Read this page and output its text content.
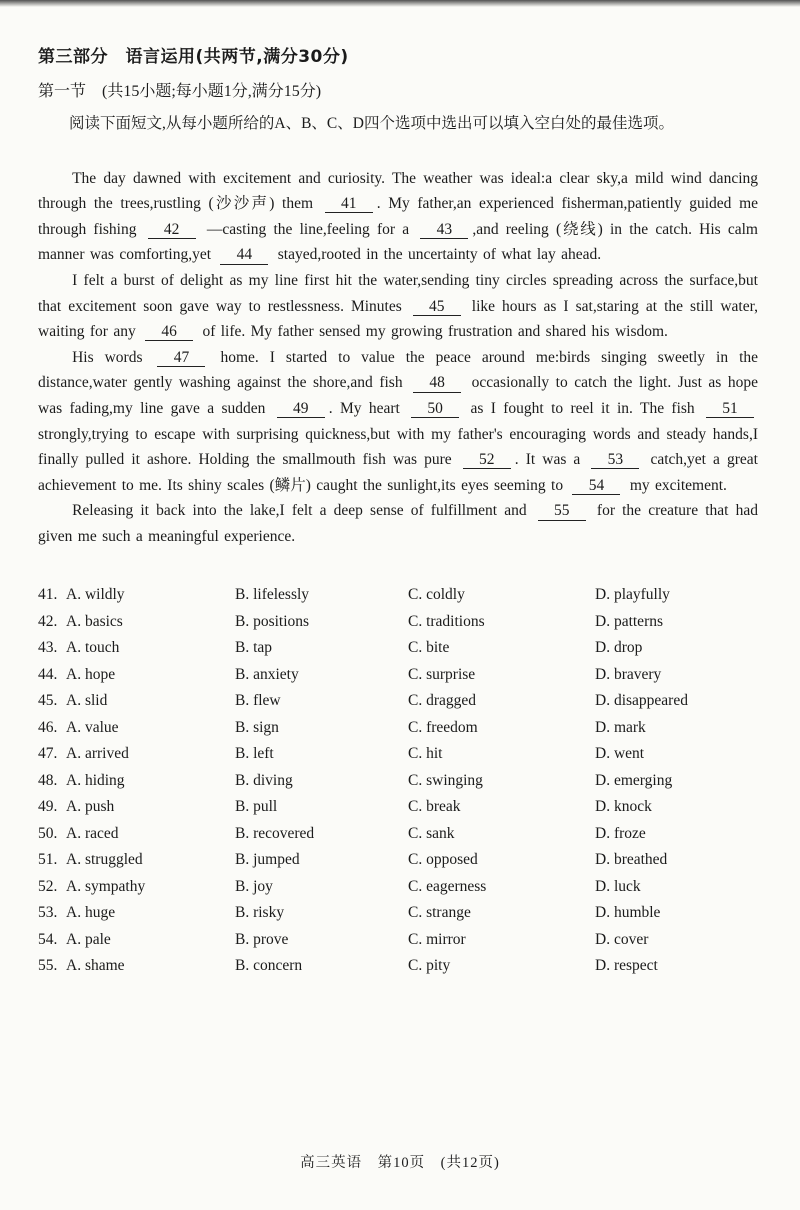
第三部分　语言运用(共两节,满分30分)
第一节　(共15小题;每小题1分,满分15分)
阅读下面短文,从每小题所给的A、B、C、D四个选项中选出可以填入空白处的最佳选项。

The day dawned with excitement and curiosity. The weather was ideal:a clear sky,a mild wind dancing through the trees,rustling (沙沙声) them 41 . My father,an experienced fisherman,patiently guided me through fishing 42 —casting the line,feeling for a 43 ,and reeling (绕线) in the catch. His calm manner was comforting,yet 44 stayed,rooted in the uncertainty of what lay ahead.

I felt a burst of delight as my line first hit the water,sending tiny circles spreading across the surface,but that excitement soon gave way to restlessness. Minutes 45 like hours as I sat,staring at the still water, waiting for any 46 of life. My father sensed my growing frustration and shared his wisdom.

His words 47 home. I started to value the peace around me:birds singing sweetly in the distance,water gently washing against the shore,and fish 48 occasionally to catch the light. Just as hope was fading,my line gave a sudden 49 . My heart 50 as I fought to reel it in. The fish 51 strongly,trying to escape with surprising quickness,but with my father's encouraging words and steady hands,I finally pulled it ashore. Holding the smallmouth fish was pure 52 . It was a 53 catch,yet a great achievement to me. Its shiny scales (鳞片) caught the sunlight,its eyes seeming to 54 my excitement.

Releasing it back into the lake,I felt a deep sense of fulfillment and 55 for the creature that had given me such a meaningful experience.

41. A. wildly	B. lifelessly	C. coldly	D. playfully
42. A. basics	B. positions	C. traditions	D. patterns
43. A. touch	B. tap	C. bite	D. drop
44. A. hope	B. anxiety	C. surprise	D. bravery
45. A. slid	B. flew	C. dragged	D. disappeared
46. A. value	B. sign	C. freedom	D. mark
47. A. arrived	B. left	C. hit	D. went
48. A. hiding	B. diving	C. swinging	D. emerging
49. A. push	B. pull	C. break	D. knock
50. A. raced	B. recovered	C. sank	D. froze
51. A. struggled	B. jumped	C. opposed	D. breathed
52. A. sympathy	B. joy	C. eagerness	D. luck
53. A. huge	B. risky	C. strange	D. humble
54. A. pale	B. prove	C. mirror	D. cover
55. A. shame	B. concern	C. pity	D. respect
高三英语　第10页　(共12页)
